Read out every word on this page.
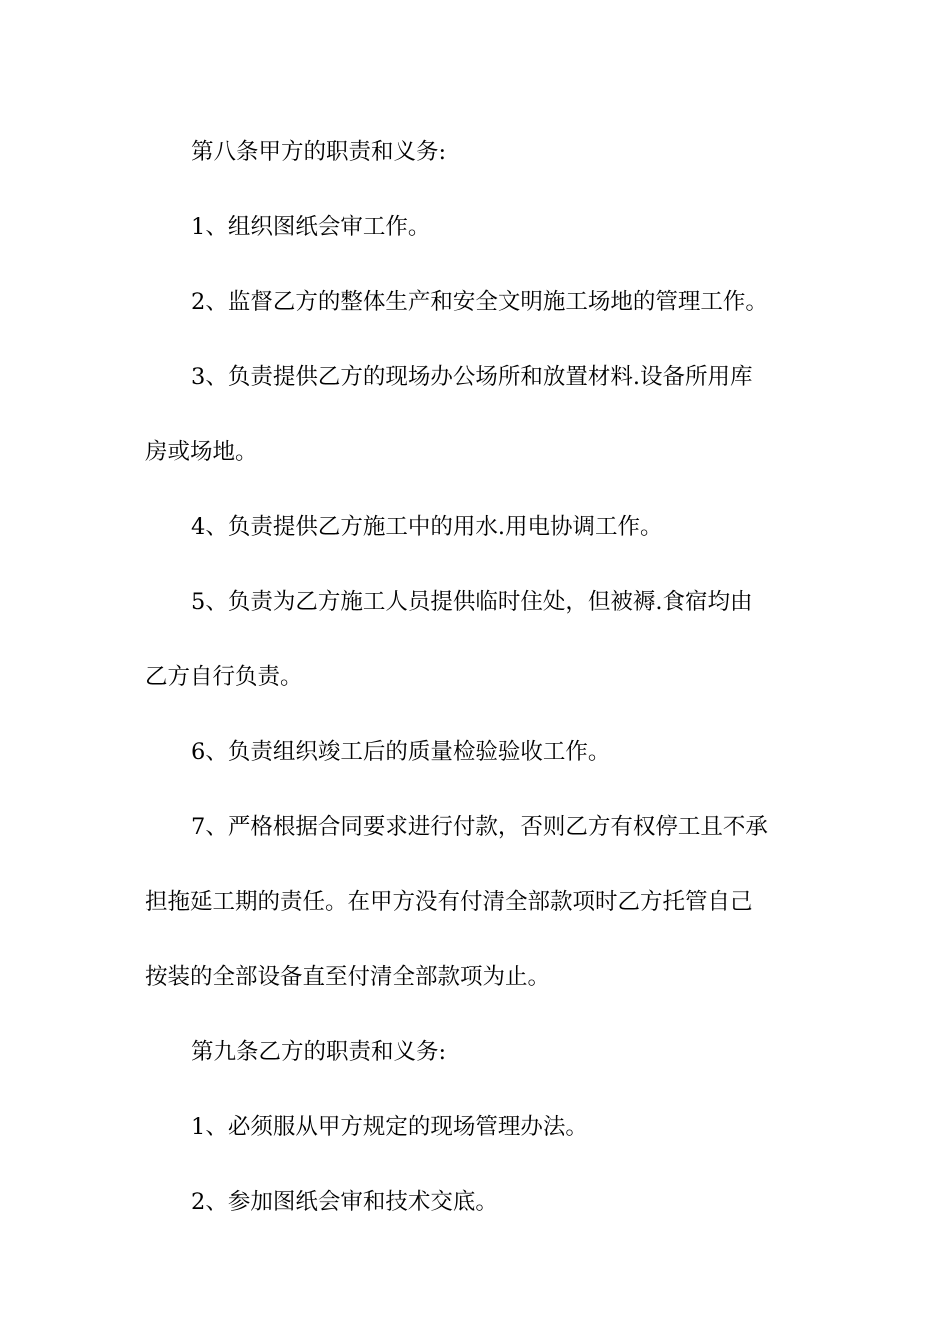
第八条甲方的职责和义务:

1、组织图纸会审工作。

2、监督乙方的整体生产和安全文明施工场地的管理工作。

3、负责提供乙方的现场办公场所和放置材料.设备所用库

房或场地。

4、负责提供乙方施工中的用水.用电协调工作。

5、负责为乙方施工人员提供临时住处，但被褥.食宿均由

乙方自行负责。

6、负责组织竣工后的质量检验验收工作。

7、严格根据合同要求进行付款，否则乙方有权停工且不承

担拖延工期的责任。在甲方没有付清全部款项时乙方托管自己

按装的全部设备直至付清全部款项为止。

第九条乙方的职责和义务:

1、必须服从甲方规定的现场管理办法。

2、参加图纸会审和技术交底。
